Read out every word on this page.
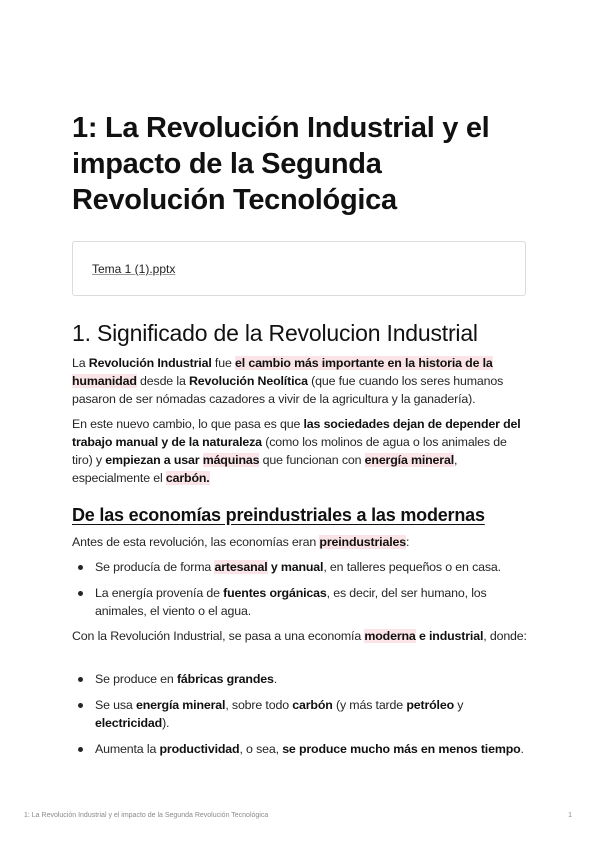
1: La Revolución Industrial y el impacto de la Segunda Revolución Tecnológica
Tema 1 (1).pptx
1. Significado de la Revolucion Industrial

La Revolución Industrial fue el cambio más importante en la historia de la humanidad desde la Revolución Neolítica (que fue cuando los seres humanos pasaron de ser nómadas cazadores a vivir de la agricultura y la ganadería).

En este nuevo cambio, lo que pasa es que las sociedades dejan de depender del trabajo manual y de la naturaleza (como los molinos de agua o los animales de tiro) y empiezan a usar máquinas que funcionan con energía mineral, especialmente el carbón.

De las economías preindustriales a las modernas

Antes de esta revolución, las economías eran preindustriales:

Se producía de forma artesanal y manual, en talleres pequeños o en casa.
La energía provenía de fuentes orgánicas, es decir, del ser humano, los animales, el viento o el agua.

Con la Revolución Industrial, se pasa a una economía moderna e industrial, donde:

Se produce en fábricas grandes.
Se usa energía mineral, sobre todo carbón (y más tarde petróleo y electricidad).
Aumenta la productividad, o sea, se produce mucho más en menos tiempo.
1: La Revolución Industrial y el impacto de la Segunda Revolución Tecnológica	1
